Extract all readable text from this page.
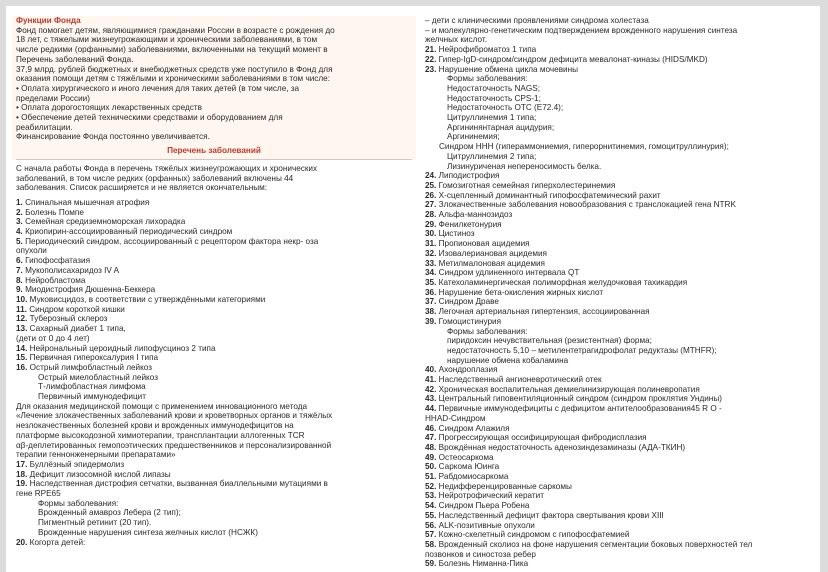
Функции Фонда
Фонд помогает детям, являющимися гражданами России в возрасте с рождения до
18 лет, с тяжелыми жизнеугрожающими и хроническими заболеваниями, в том
числе редкими (орфанными) заболеваниями, включенными на текущий момент в
Перечень заболеваний Фонда.
37,9 млрд. рублей бюджетных и внебюджетных средств уже поступило в Фонд для
оказания помощи детям с тяжёлыми и хроническими заболеваниями в том числе:
• Оплата хирургического и иного лечения для таких детей (в том числе, за
пределами России)
• Оплата дорогостоящих лекарственных средств
• Обеспечение детей техническими средствами и оборудованием для
реабилитации.
Финансирование Фонда постоянно увеличивается.
Перечень заболеваний
С начала работы Фонда в перечень тяжёлых жизнеугрожающих и хронических
заболеваний, в том числе редких (орфанных) заболеваний включены 44
заболевания. Список расширяется и не является окончательным:
1. Спинальная мышечная атрофия
2. Болезнь Помпе
3. Семейная средиземноморская лихорадка
4. Криопирин-ассоциированный периодический синдром
5. Периодический синдром, ассоциированный с рецептором фактора некр- оза
опухоли
6. Гипофосфатазия
7. Мукополисахаридоз IV A
8. Нейробластома
9. Миодистрофия Дюшенна-Беккера
10. Муковисцидоз, в соответствии с утверждёнными категориями
11. Синдром короткой кишки
12. Туберозный склероз
13. Сахарный диабет 1 типа,
(дети от 0 до 4 лет)
14. Нейрональный цероидный липофусциноз 2 типа
15. Первичная гипероксалурия I типа
16. Острый лимфобластный лейкоз
Острый миелобластный лейкоз
Т-лимфобластная лимфома
Первичный иммунодефицит
Для оказания медицинской помощи с применением инновационного метода
«Лечение злокачественных заболеваний крови и кроветворных органов и тяжёлых
незлокачественных болезней крови и врожденных иммунодефицитов на
платформе высокодозной химиотерапии, трансплантации аллогенных TCR
αβ-деплетированных гемопоэтических предшественников и персонализированной
терапии геннонженерными препаратами»
17. Буллёзный эпидермолиз
18. Дефицит лизосомной кислой липазы
19. Наследственная дистрофия сетчатки, вызванная биаллельными мутациями в
гене RPE65
Формы заболевания:
Врожденный амавроз Лебера (2 тип);
Пигментный ретинит (20 тип).
Врожденные нарушения синтеза желчных кислот (НСЖК)
20. Когорта детей:
– дети с клиническими проявлениями синдрома холестаза
– и молекулярно-генетическим подтверждением врожденного нарушения синтеза
желчных кислот.
21. Нейрофиброматоз 1 типа
22. Гипер-IgD-синдром/синдром дефицита мевалонат-киназы (HIDS/MKD)
23. Нарушение обмена цикла мочевины
Формы заболевания:
Недостаточность NAGS;
Недостаточность CPS-1;
Недостаточность ОТС (E72.4);
Цитруллинемия 1 типа;
Аргининянтарная ацидурия;
Аргининемия;
Синдром ННН (гипераммониемия, гиперорнитинемия, гомоцитруллинурия);
Цитруллинемия 2 типа;
Лизинуриченая непереносимость белка.
24. Липодистрофия
25. Гомозиготная семейная гиперхолестеринемия
26. Х-сцепленный доминантный гипофосфатемический рахит
27. Злокачественные заболевания новообразования с транслокацией гена NTRK
28. Альфа-маннозидоз
29. Фенилкетонурия
30. Цистиноз
31. Пропионовая ацидемия
32. Изовалериановая ацидемия
33. Метилмалоновая ацидемия
34. Синдром удлиненного интервала QT
35. Катехоламинергическая полиморфная желудочковая тахикардия
36. Нарушение бета-окисления жирных кислот
37. Синдром Драве
38. Легочная артериальная гипертензия, ассоциированная
39. Гомоцистинурия
Формы заболевания:
пиридоксин нечувствительная (резистентная) форма;
недостаточность 5,10 – метилентетрагидрофолат редуктазы (MTHFR);
нарушение обмена кобаламина
40. Ахондроплазия
41. Наследственный ангионевротический отек
42. Хроническая воспалительная демиелинизирующая полиневропатия
43. Центральный гиповентиляционный синдром (синдром проклятия Ундины)
44. Первичные иммунодефициты с дефицитом антителообразования45 R O -
ННАD-Синдром
46. Синдром Алажиля
47. Прогрессирующая оссифицирующая фибродисплазия
48. Врождённая недостаточность аденозиндезаминазы (АДА-ТКИН)
49. Остеосаркома
50. Саркома Юинга
51. Рабдомиосаркома
52. Недифференцированные саркомы
53. Нейротрофический кератит
54. Синдром Пьера Робена
55. Наследственный дефицит фактора свертывания крови XIII
56. ALK-позитивные опухоли
57. Кожно-скелетный синдромом с гипофосфатемией
58. Врожденный сколиоз на фоне нарушения сегментации боковых поверхностей тел
позвонков и синостоза ребер
59. Болезнь Ниманна-Пика
